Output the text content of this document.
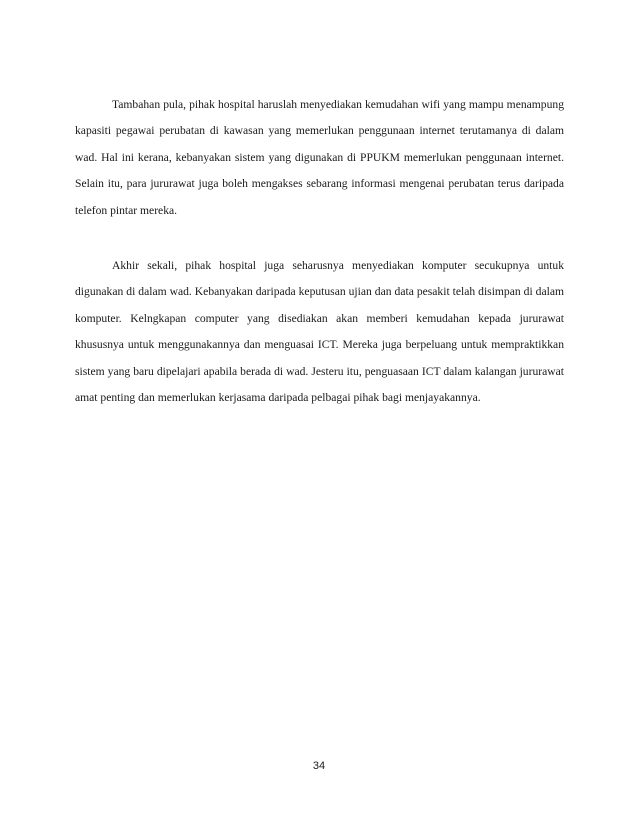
Tambahan pula, pihak hospital haruslah menyediakan kemudahan wifi yang mampu menampung kapasiti pegawai perubatan di kawasan yang memerlukan penggunaan internet terutamanya di dalam wad. Hal ini kerana, kebanyakan sistem yang digunakan di PPUKM memerlukan penggunaan internet. Selain itu, para jururawat juga boleh mengakses sebarang informasi mengenai perubatan terus daripada telefon pintar mereka.

Akhir sekali, pihak hospital juga seharusnya menyediakan komputer secukupnya untuk digunakan di dalam wad. Kebanyakan daripada keputusan ujian dan data pesakit telah disimpan di dalam komputer. Kelngkapan computer yang disediakan akan memberi kemudahan kepada jururawat khususnya untuk menggunakannya dan menguasai ICT. Mereka juga berpeluang untuk mempraktikkan sistem yang baru dipelajari apabila berada di wad. Jesteru itu, penguasaan ICT dalam kalangan jururawat amat penting dan memerlukan kerjasama daripada pelbagai pihak bagi menjayakannya.

34
